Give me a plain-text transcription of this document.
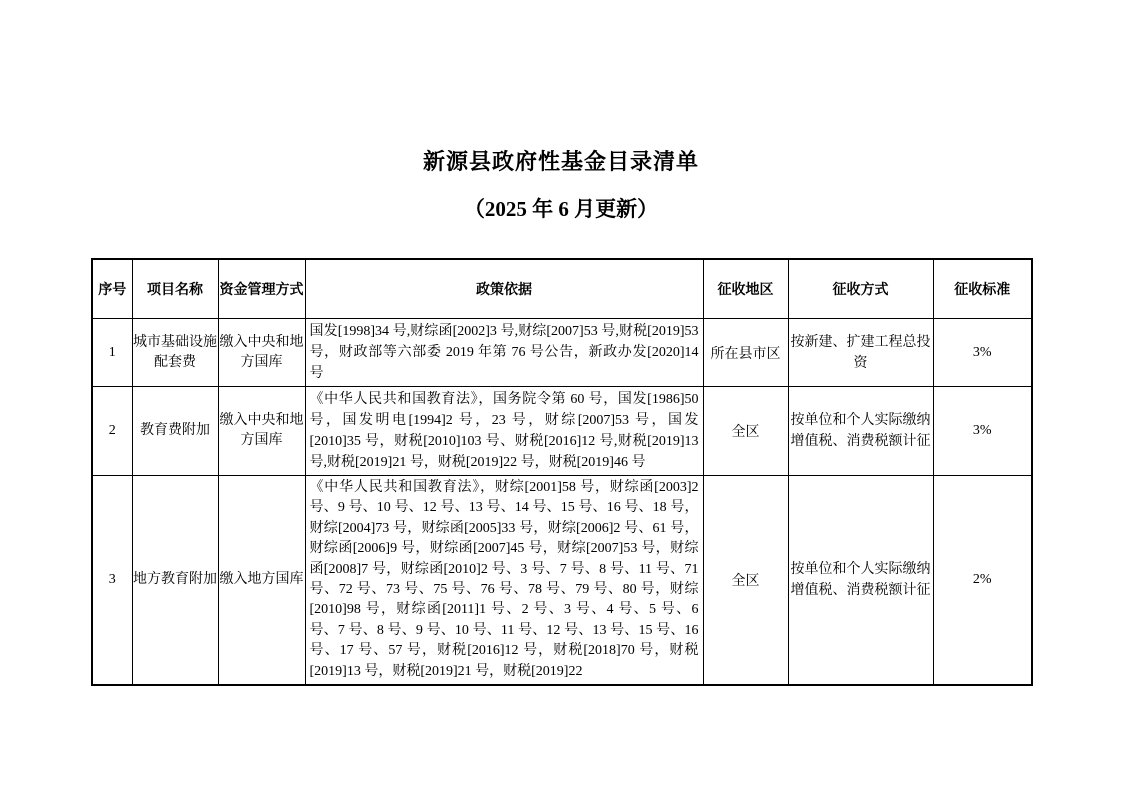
新源县政府性基金目录清单
（2025 年 6 月更新）
序号	项目名称	资金管理方式	政策依据	征收地区	征收方式	征收标准
1	城市基础设施配套费	缴入中央和地方国库	国发[1998]34 号,财综函[2002]3 号,财综[2007]53 号,财税[2019]53 号，财政部等六部委 2019 年第 76 号公告，新政办发[2020]14 号	所在县市区	按新建、扩建工程总投资	3%
2	教育费附加	缴入中央和地方国库	《中华人民共和国教育法》，国务院令第 60 号，国发[1986]50 号，国发明电[1994]2 号，23 号，财综[2007]53 号，国发[2010]35 号，财税[2010]103 号、财税[2016]12 号,财税[2019]13 号,财税[2019]21 号，财税[2019]22 号，财税[2019]46 号	全区	按单位和个人实际缴纳增值税、消费税额计征	3%
3	地方教育附加	缴入地方国库	《中华人民共和国教育法》，财综[2001]58 号，财综函[2003]2 号、9 号、10 号、12 号、13 号、14 号、15 号、16 号、18 号，财综[2004]73 号，财综函[2005]33 号，财综[2006]2 号、61 号，财综函[2006]9 号，财综函[2007]45 号，财综[2007]53 号，财综函[2008]7 号，财综函[2010]2 号、3 号、7 号、8 号、11 号、71 号、72 号、73 号、75 号、76 号、78 号、79 号、80 号，财综[2010]98 号，财综函[2011]1 号、2 号、3 号、4 号、5 号、6 号、7 号、8 号、9 号、10 号、11 号、12 号、13 号、15 号、16 号、17 号、57 号，财税[2016]12 号，财税[2018]70 号，财税[2019]13 号，财税[2019]21 号，财税[2019]22	全区	按单位和个人实际缴纳增值税、消费税额计征	2%
